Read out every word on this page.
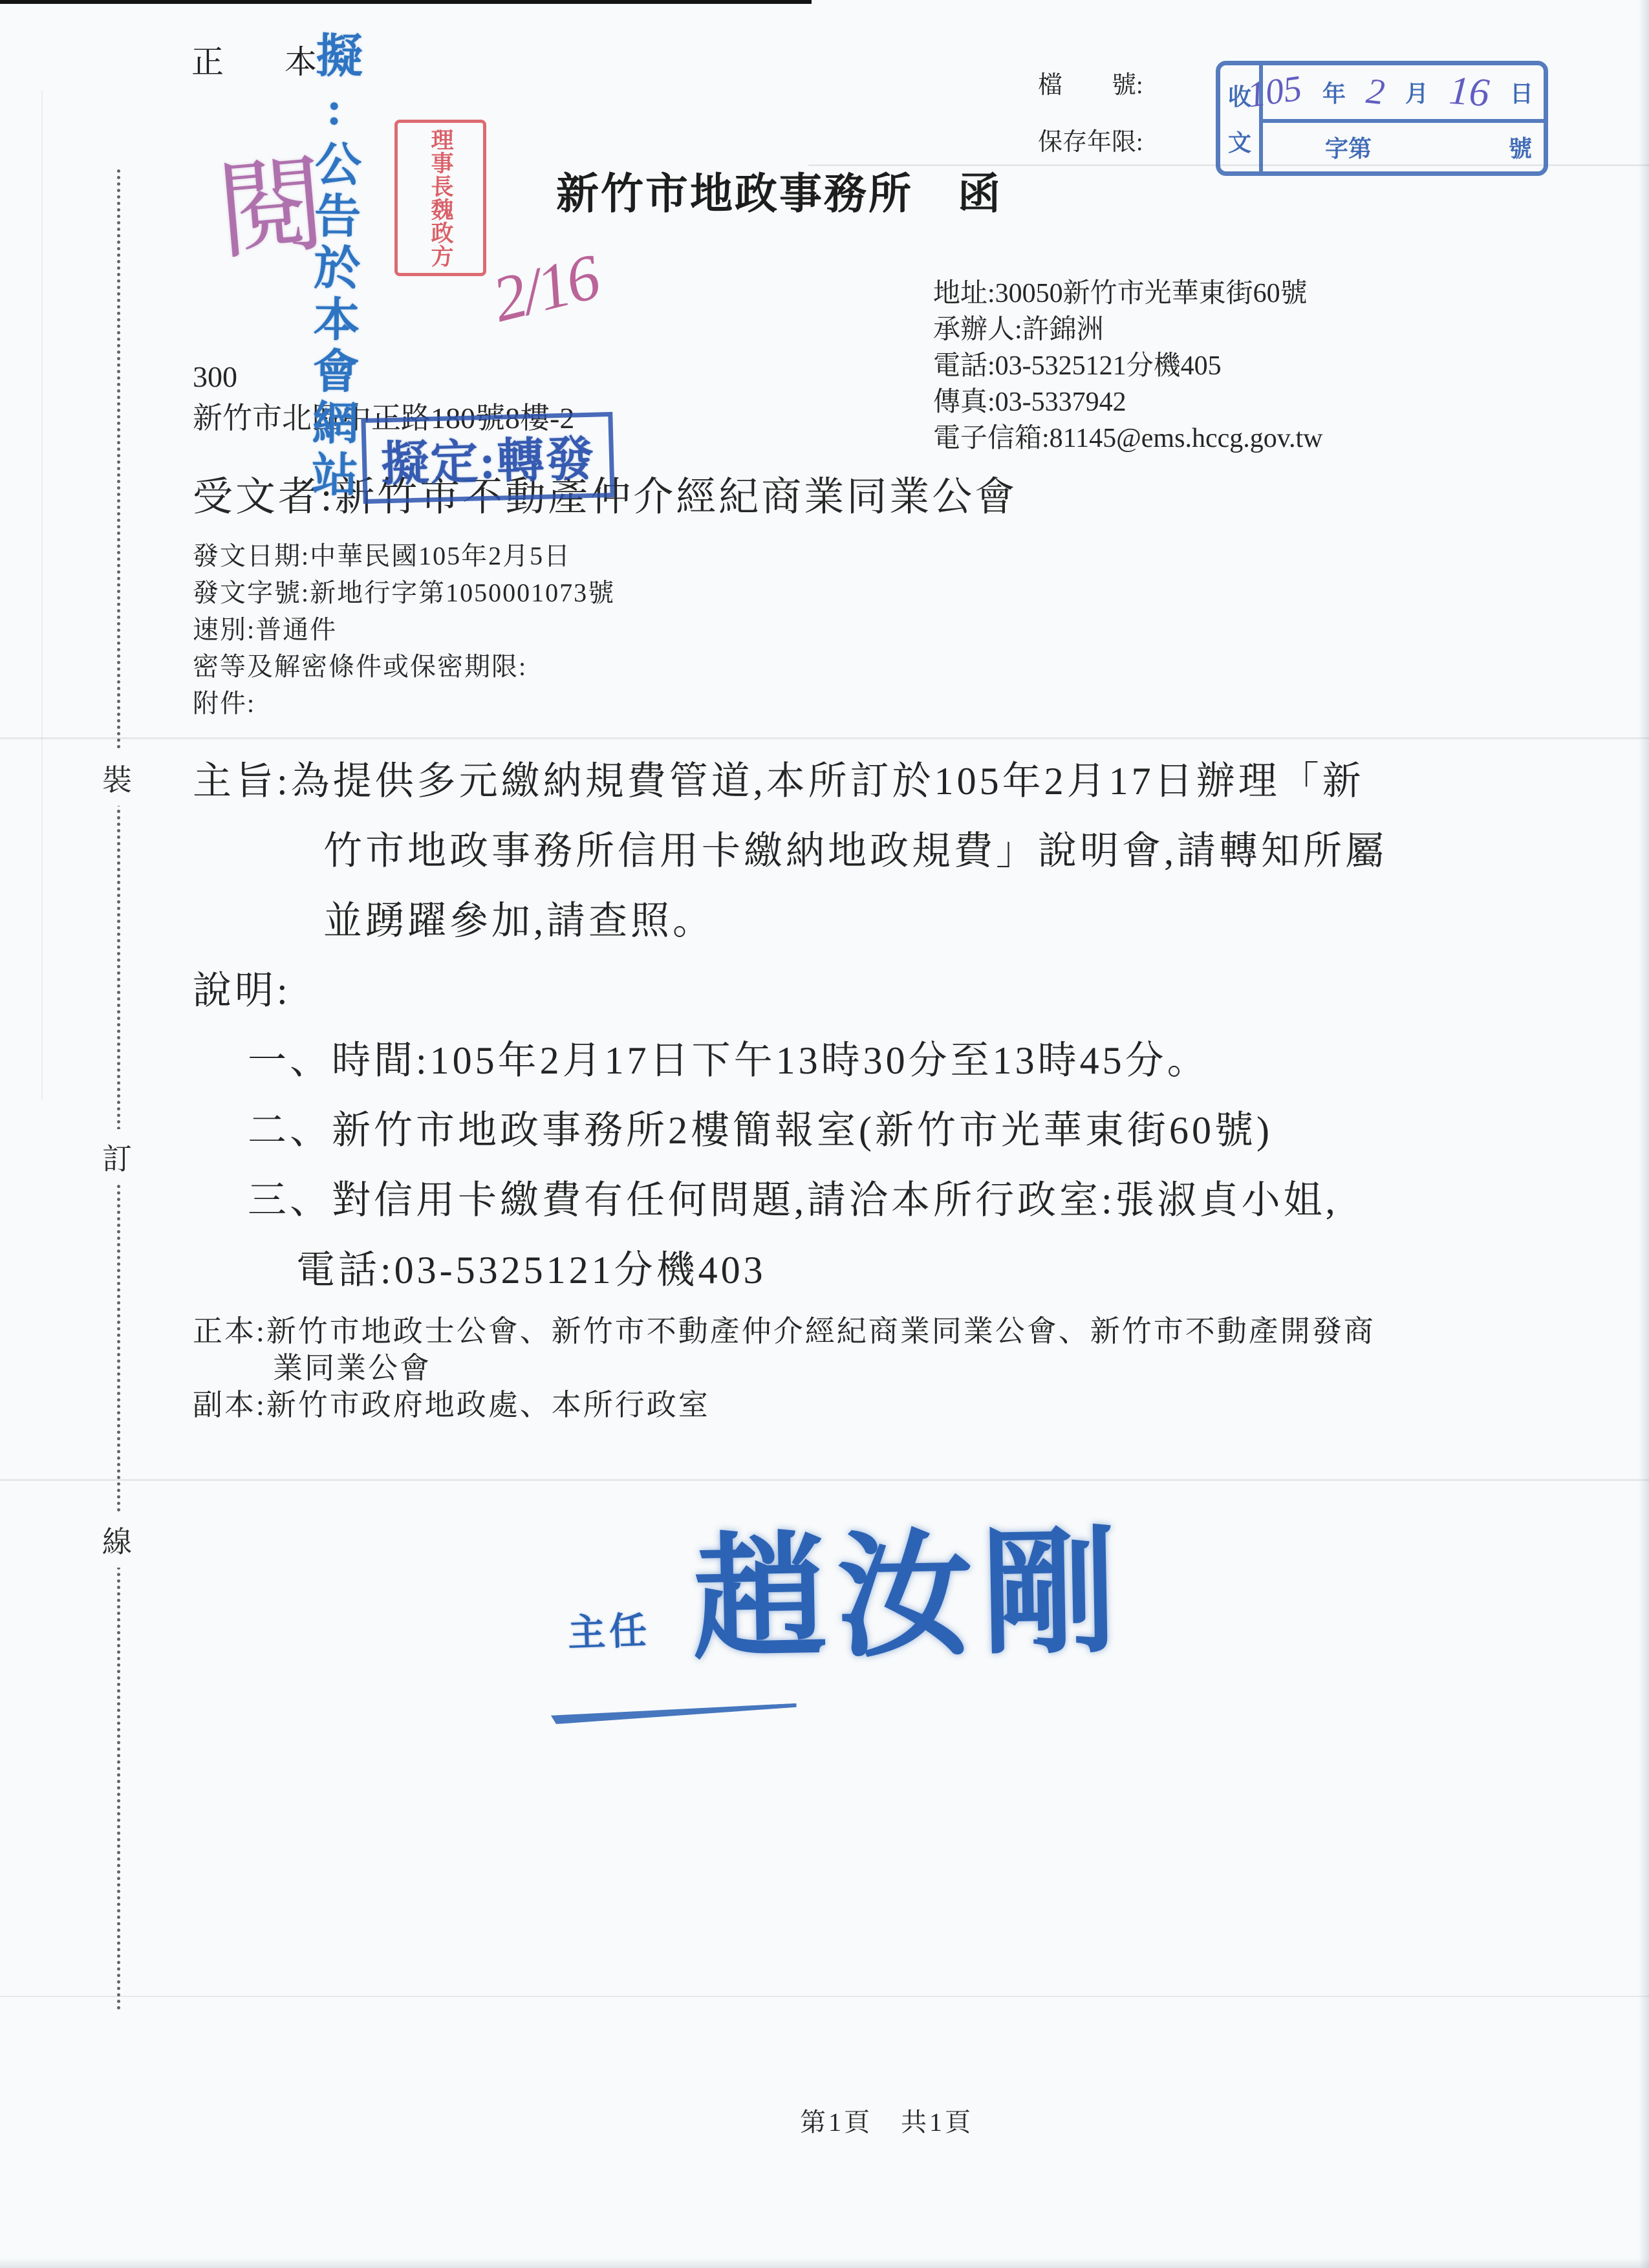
裝
訂
線
正　本
擬:公告於本會網站
閱	理事長魏政方
2/16
新竹市地政事務所　函
檔　　號:
保存年限:
收
文
105 年 2 月 16 日
字第	號
地址:30050新竹市光華東街60號
承辦人:許錦洲
電話:03-5325121分機405
傳真:03-5337942
電子信箱:81145@ems.hccg.gov.tw
300
新竹市北區中正路180號8樓-2
擬定:轉發
受文者:新竹市不動產仲介經紀商業同業公會
發文日期:中華民國105年2月5日
發文字號:新地行字第1050001073號
速別:普通件
密等及解密條件或保密期限:
附件:
主旨:為提供多元繳納規費管道,本所訂於105年2月17日辦理「新
竹市地政事務所信用卡繳納地政規費」說明會,請轉知所屬
並踴躍參加,請查照。
說明:
一、時間:105年2月17日下午13時30分至13時45分。
二、新竹市地政事務所2樓簡報室(新竹市光華東街60號)
三、對信用卡繳費有任何問題,請洽本所行政室:張淑貞小姐,
電話:03-5325121分機403
正本:新竹市地政士公會、新竹市不動產仲介經紀商業同業公會、新竹市不動產開發商
業同業公會
副本:新竹市政府地政處、本所行政室
主任 趙汝剛
第1頁　共1頁
